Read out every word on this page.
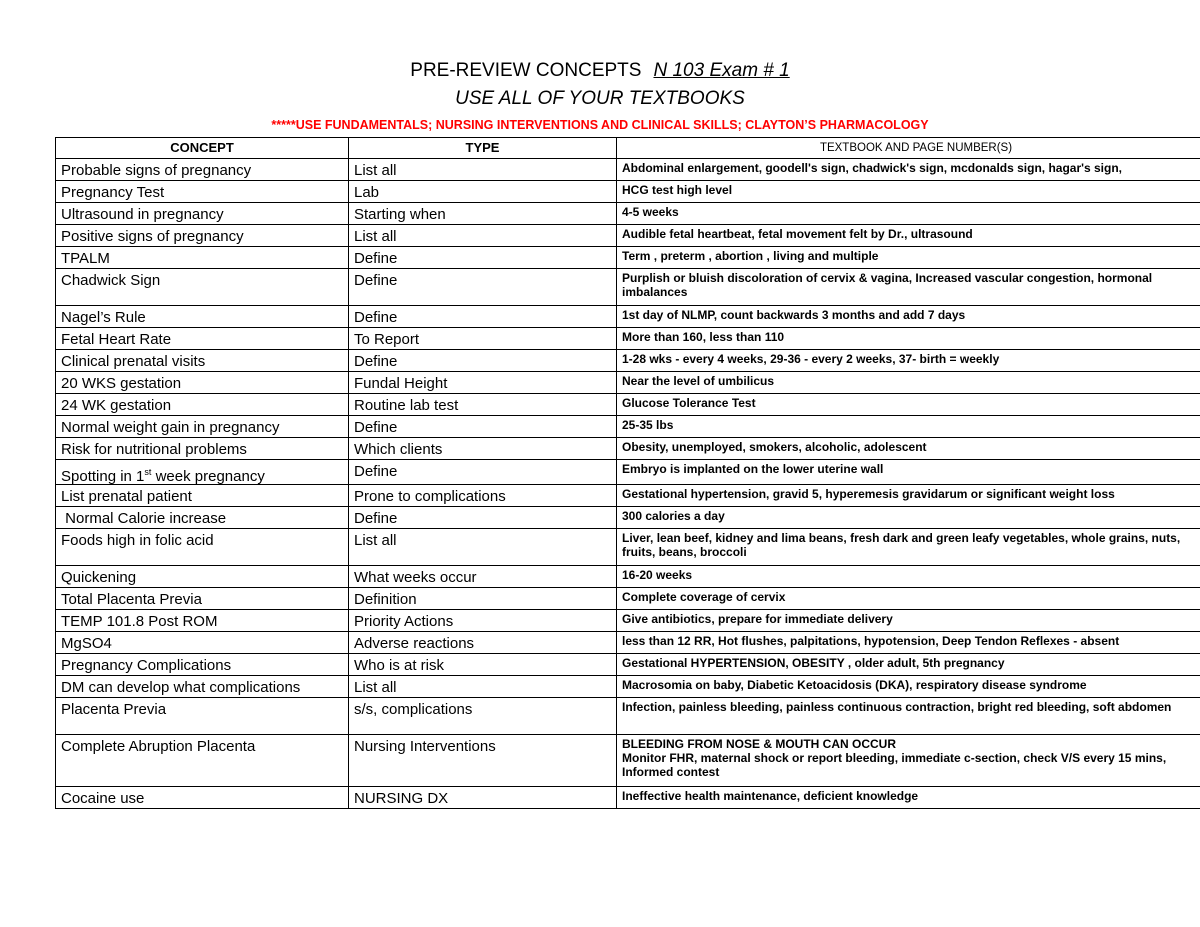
PRE-REVIEW CONCEPTS N 103 Exam # 1
USE ALL OF YOUR TEXTBOOKS
*****USE FUNDAMENTALS; NURSING INTERVENTIONS AND CLINICAL SKILLS; CLAYTON’S PHARMACOLOGY
CONCEPT	TYPE	TEXTBOOK AND PAGE NUMBER(S)
Probable signs of pregnancy	List all	Abdominal enlargement, goodell's sign, chadwick's sign, mcdonalds sign, hagar's sign,
Pregnancy Test	Lab	HCG test high level
Ultrasound in pregnancy	Starting when	4-5 weeks
Positive signs of pregnancy	List all	Audible fetal heartbeat, fetal movement felt by Dr., ultrasound
TPALM	Define	Term , preterm , abortion , living and multiple
Chadwick Sign	Define	Purplish or bluish discoloration of cervix & vagina, Increased vascular congestion, hormonal imbalances
Nagel’s Rule	Define	1st day of NLMP, count backwards 3 months and add 7 days
Fetal Heart Rate	To Report	More than 160, less than 110
Clinical prenatal visits	Define	1-28 wks - every 4 weeks, 29-36 - every 2 weeks, 37- birth = weekly
20 WKS gestation	Fundal Height	Near the level of umbilicus
24 WK gestation	Routine lab test	Glucose Tolerance Test
Normal weight gain in pregnancy	Define	25-35 lbs
Risk for nutritional problems	Which clients	Obesity, unemployed, smokers, alcoholic, adolescent
Spotting in 1st week pregnancy	Define	Embryo is implanted on the lower uterine wall
List prenatal patient	Prone to complications	Gestational hypertension, gravid 5, hyperemesis gravidarum or significant weight loss
Normal Calorie increase	Define	300 calories a day
Foods high in folic acid	List all	Liver, lean beef, kidney and lima beans, fresh dark and green leafy vegetables, whole grains, nuts, fruits, beans, broccoli
Quickening	What weeks occur	16-20 weeks
Total Placenta Previa	Definition	Complete coverage of cervix
TEMP 101.8 Post ROM	Priority Actions	Give antibiotics, prepare for immediate delivery
MgSO4	Adverse reactions	less than 12 RR, Hot flushes, palpitations, hypotension, Deep Tendon Reflexes - absent
Pregnancy Complications	Who is at risk	Gestational HYPERTENSION, OBESITY , older adult, 5th pregnancy
DM can develop what complications	List all	Macrosomia on baby, Diabetic Ketoacidosis (DKA), respiratory disease syndrome
Placenta Previa	s/s, complications	Infection, painless bleeding, painless continuous contraction, bright red bleeding, soft abdomen
Complete Abruption Placenta	Nursing Interventions	BLEEDING FROM NOSE & MOUTH CAN OCCUR
Monitor FHR, maternal shock or report bleeding, immediate c-section, check V/S every 15 mins, Informed contest

Cocaine use	NURSING DX	Ineffective health maintenance, deficient knowledge
